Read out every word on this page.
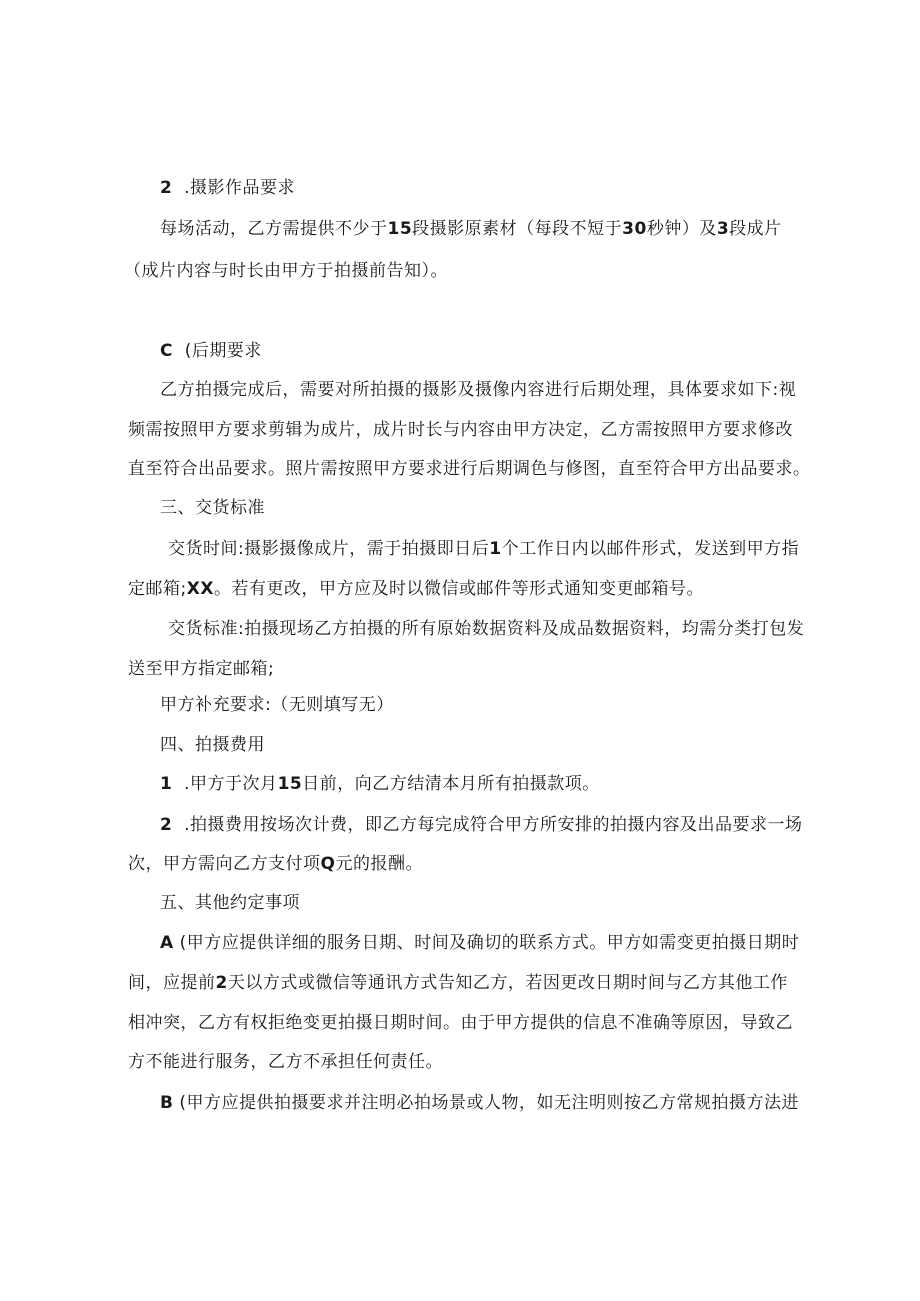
2 .摄影作品要求
每场活动，乙方需提供不少于15段摄影原素材（每段不短于30秒钟）及3段成片
（成片内容与时长由甲方于拍摄前告知）。
C (后期要求
乙方拍摄完成后，需要对所拍摄的摄影及摄像内容进行后期处理，具体要求如下:视
频需按照甲方要求剪辑为成片，成片时长与内容由甲方决定，乙方需按照甲方要求修改
直至符合出品要求。照片需按照甲方要求进行后期调色与修图，直至符合甲方出品要求。
三、交货标准
交货时间:摄影摄像成片，需于拍摄即日后1个工作日内以邮件形式，发送到甲方指
定邮箱;XX。若有更改，甲方应及时以微信或邮件等形式通知变更邮箱号。
交货标准:拍摄现场乙方拍摄的所有原始数据资料及成品数据资料，均需分类打包发
送至甲方指定邮箱;
甲方补充要求:（无则填写无）
四、拍摄费用
1 .甲方于次月15日前，向乙方结清本月所有拍摄款项。
2 .拍摄费用按场次计费，即乙方每完成符合甲方所安排的拍摄内容及出品要求一场
次，甲方需向乙方支付项Q元的报酬。
五、其他约定事项
A (甲方应提供详细的服务日期、时间及确切的联系方式。甲方如需变更拍摄日期时
间，应提前2天以方式或微信等通讯方式告知乙方，若因更改日期时间与乙方其他工作
相冲突，乙方有权拒绝变更拍摄日期时间。由于甲方提供的信息不准确等原因，导致乙
方不能进行服务，乙方不承担任何责任。
B (甲方应提供拍摄要求并注明必拍场景或人物，如无注明则按乙方常规拍摄方法进
